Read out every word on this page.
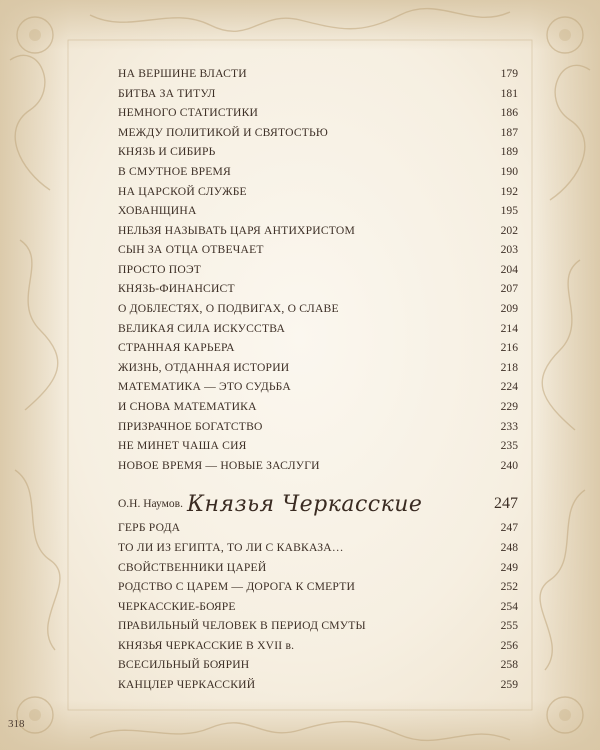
НА ВЕРШИНЕ ВЛАСТИ	179
БИТВА ЗА ТИТУЛ	181
НЕМНОГО СТАТИСТИКИ	186
МЕЖДУ ПОЛИТИКОЙ И СВЯТОСТЬЮ	187
КНЯЗЬ И СИБИРЬ	189
В СМУТНОЕ ВРЕМЯ	190
НА ЦАРСКОЙ СЛУЖБЕ	192
ХОВАНЩИНА	195
НЕЛЬЗЯ НАЗЫВАТЬ ЦАРЯ АНТИХРИСТОМ	202
СЫН ЗА ОТЦА ОТВЕЧАЕТ	203
ПРОСТО ПОЭТ	204
КНЯЗЬ-ФИНАНСИСТ	207
О ДОБЛЕСТЯХ, О ПОДВИГАХ, О СЛАВЕ	209
ВЕЛИКАЯ СИЛА ИСКУССТВА	214
СТРАННАЯ КАРЬЕРА	216
ЖИЗНЬ, ОТДАННАЯ ИСТОРИИ	218
МАТЕМАТИКА — ЭТО СУДЬБА	224
И СНОВА МАТЕМАТИКА	229
ПРИЗРАЧНОЕ БОГАТСТВО	233
НЕ МИНЕТ ЧАША СИЯ	235
НОВОЕ ВРЕМЯ — НОВЫЕ ЗАСЛУГИ	240
О.Н. Наумов. Князья Черкасские	247
ГЕРБ РОДА	247
ТО ЛИ ИЗ ЕГИПТА, ТО ЛИ С КАВКАЗА…	248
СВОЙСТВЕННИКИ ЦАРЕЙ	249
РОДСТВО С ЦАРЕМ — ДОРОГА К СМЕРТИ	252
ЧЕРКАССКИЕ-БОЯРЕ	254
ПРАВИЛЬНЫЙ ЧЕЛОВЕК В ПЕРИОД СМУТЫ	255
КНЯЗЬЯ ЧЕРКАССКИЕ В XVII в.	256
ВСЕСИЛЬНЫЙ БОЯРИН	258
КАНЦЛЕР ЧЕРКАССКИЙ	259
318
